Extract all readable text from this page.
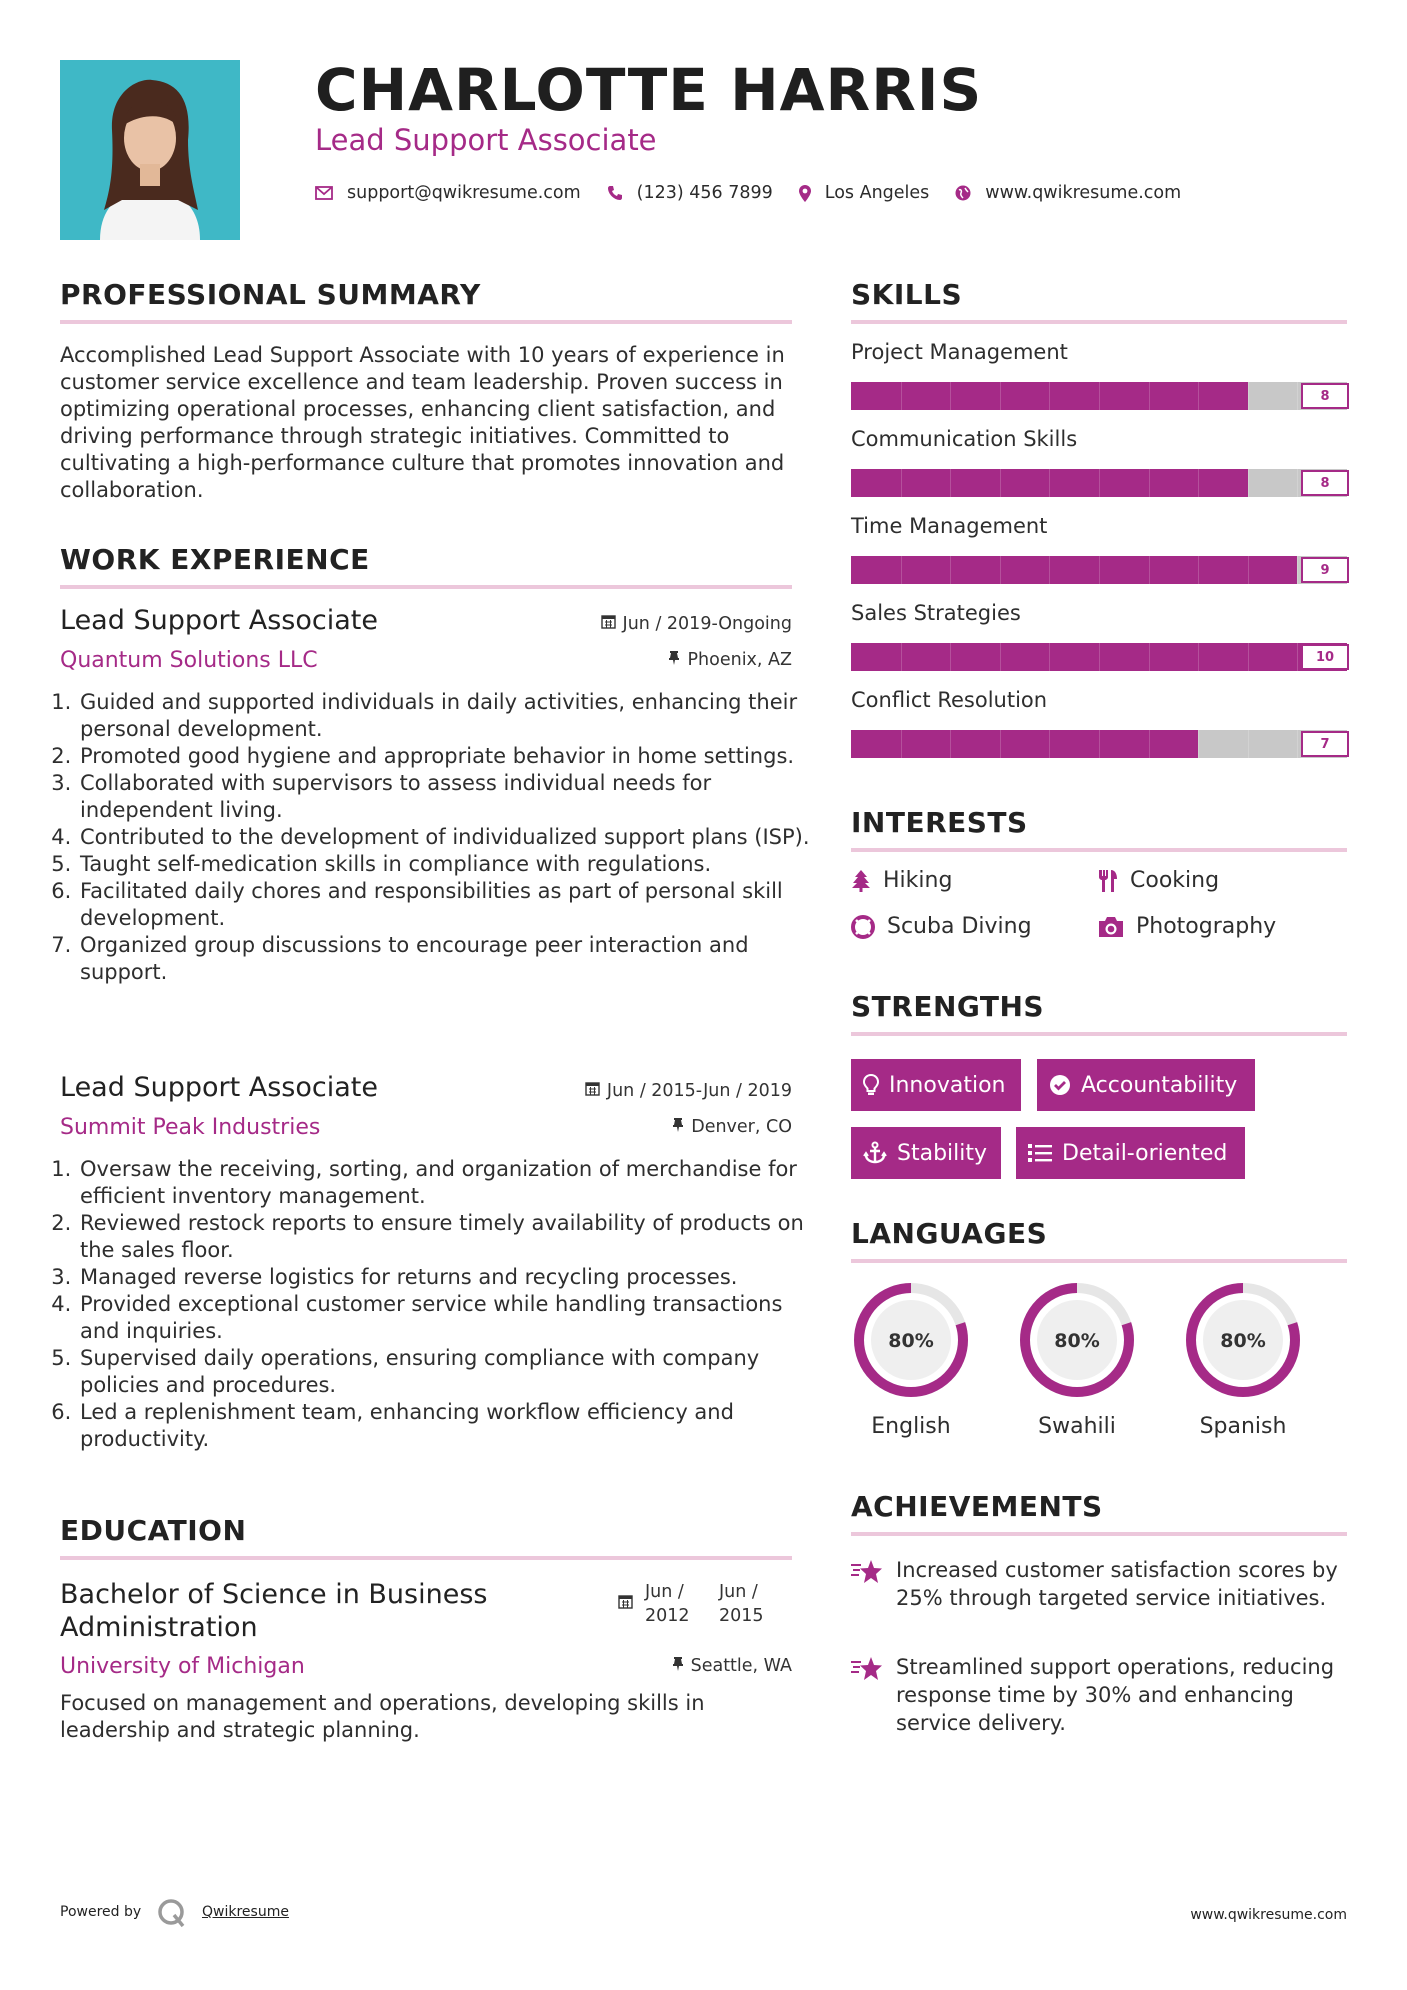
CHARLOTTE HARRIS
Lead Support Associate
support@qwikresume.com	(123) 456 7899	Los Angeles	www.qwikresume.com
PROFESSIONAL SUMMARY
Accomplished Lead Support Associate with 10 years of experience in customer service excellence and team leadership. Proven success in optimizing operational processes, enhancing client satisfaction, and driving performance through strategic initiatives. Committed to cultivating a high-performance culture that promotes innovation and collaboration.
WORK EXPERIENCE
Lead Support Associate	Jun / 2019-Ongoing
Quantum Solutions LLC	Phoenix, AZ
1. Guided and supported individuals in daily activities, enhancing their personal development.
2. Promoted good hygiene and appropriate behavior in home settings.
3. Collaborated with supervisors to assess individual needs for independent living.
4. Contributed to the development of individualized support plans (ISP).
5. Taught self-medication skills in compliance with regulations.
6. Facilitated daily chores and responsibilities as part of personal skill development.
7. Organized group discussions to encourage peer interaction and support.
Lead Support Associate	Jun / 2015-Jun / 2019
Summit Peak Industries	Denver, CO
1. Oversaw the receiving, sorting, and organization of merchandise for efficient inventory management.
2. Reviewed restock reports to ensure timely availability of products on the sales floor.
3. Managed reverse logistics for returns and recycling processes.
4. Provided exceptional customer service while handling transactions and inquiries.
5. Supervised daily operations, ensuring compliance with company policies and procedures.
6. Led a replenishment team, enhancing workflow efficiency and productivity.
EDUCATION
Bachelor of Science in Business Administration
Jun /
2012
Jun /
2015
University of Michigan	Seattle, WA
Focused on management and operations, developing skills in leadership and strategic planning.
SKILLS
Project Management
8
Communication Skills
8
Time Management
9
Sales Strategies
10
Conflict Resolution
7
INTERESTS
Hiking	Cooking
Scuba Diving	Photography
STRENGTHS
Innovation	Accountability
Stability	Detail-oriented
LANGUAGES
80%
English
80%
Swahili
80%
Spanish
ACHIEVEMENTS
Increased customer satisfaction scores by 25% through targeted service initiatives.
Streamlined support operations, reducing response time by 30% and enhancing service delivery.
Powered by	Qwikresume	www.qwikresume.com
